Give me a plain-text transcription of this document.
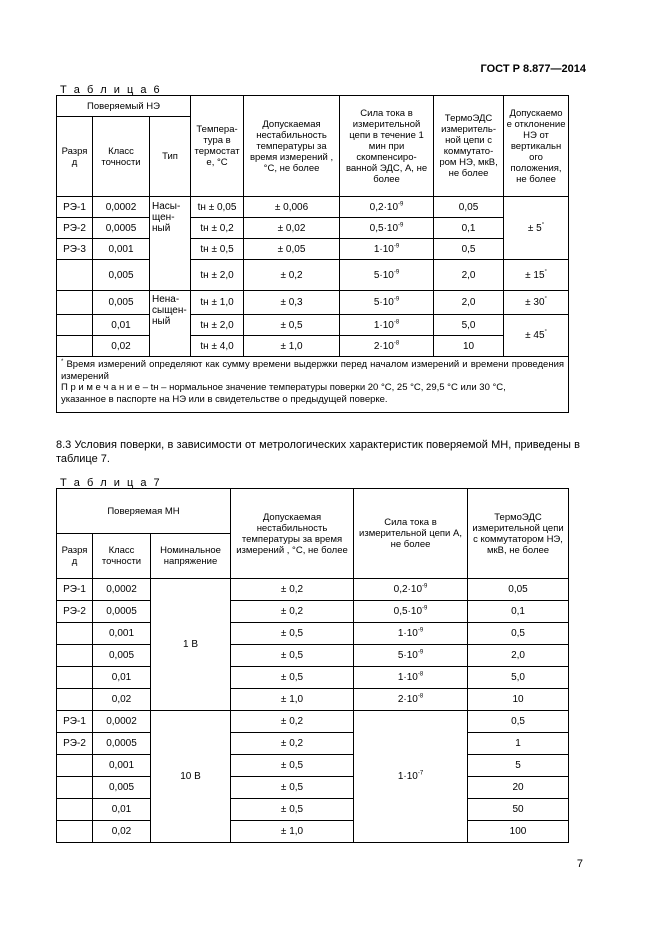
ГОСТ Р 8.877—2014
Т а б л и ц а 6
Поверяемый НЭ			Темпера-тура в термостат е, °С	Допускаемая нестабильность температуры за время измерений , °С, не более	Сила тока в измерительной цепи в течение 1 мин при скомпенсиро-ванной ЭДС, А, не более	ТермоЭДС измеритель-ной цепи с коммутато-ром НЭ, мкВ, не более	Допускаемо е отклонение НЭ от вертикальн ого положения, не более
Разря д	Класс точности	Тип					
РЭ-1	0,0002	Насы-щен-ный	tн ± 0,05	± 0,006	$0,2\cdot 10^{-9}$	0,05	± 5°
РЭ-2	0,0005		tн ± 0,2	± 0,02	$0,5\cdot 10^{-9}$	0,1	
РЭ-3	0,001		tн ± 0,5	± 0,05	$1\cdot 10^{-9}$	0,5	
	0,005		tн ± 2,0	± 0,2	$5\cdot 10^{-9}$	2,0	± 15°
	0,005	Нена-сыщен-ный	tн ± 1,0	± 0,3	$5\cdot 10^{-9}$	2,0	± 30°
	0,01		tн ± 2,0	± 0,5	$1\cdot 10^{-8}$	5,0	± 45°
	0,02		tн ± 4,0	± 1,0	$2\cdot 10^{-8}$	10	

* Время измерений определяют как сумму времени выдержки перед началом измерений и времени проведения измерений

П р и м е ч а н и е – tн – нормальное значение температуры поверки 20 °С, 25 °С, 29,5 °С или 30 °С,

указанное в паспорте на НЭ или в свидетельстве о предыдущей поверке.							

8.3 Условия поверки, в зависимости от метрологических характеристик поверяемой МН, приведены в таблице 7.
Т а б л и ц а 7
Поверяемая МН			Допускаемая нестабильность температуры за время измерений , °С, не более	Сила тока в измерительной цепи А, не более	ТермоЭДС измерительной цепи с коммутатором НЭ, мкВ, не более
Разря д	Класс точности	Номинальное напряжение			
РЭ-1	0,0002	1 В	± 0,2	$0,2\cdot 10^{-9}$	0,05
РЭ-2	0,0005		± 0,2	$0,5\cdot 10^{-9}$	0,1
	0,001		± 0,5	$1\cdot 10^{-9}$	0,5
	0,005		± 0,5	$5\cdot 10^{-9}$	2,0
	0,01		± 0,5	$1\cdot 10^{-8}$	5,0
	0,02		± 1,0	$2\cdot 10^{-8}$	10
РЭ-1	0,0002	10 В	± 0,2	$1\cdot 10^{-7}$	0,5
РЭ-2	0,0005		± 0,2		1
	0,001		± 0,5		5
	0,005		± 0,5		20
	0,01		± 0,5		50
	0,02		± 1,0		100
7
